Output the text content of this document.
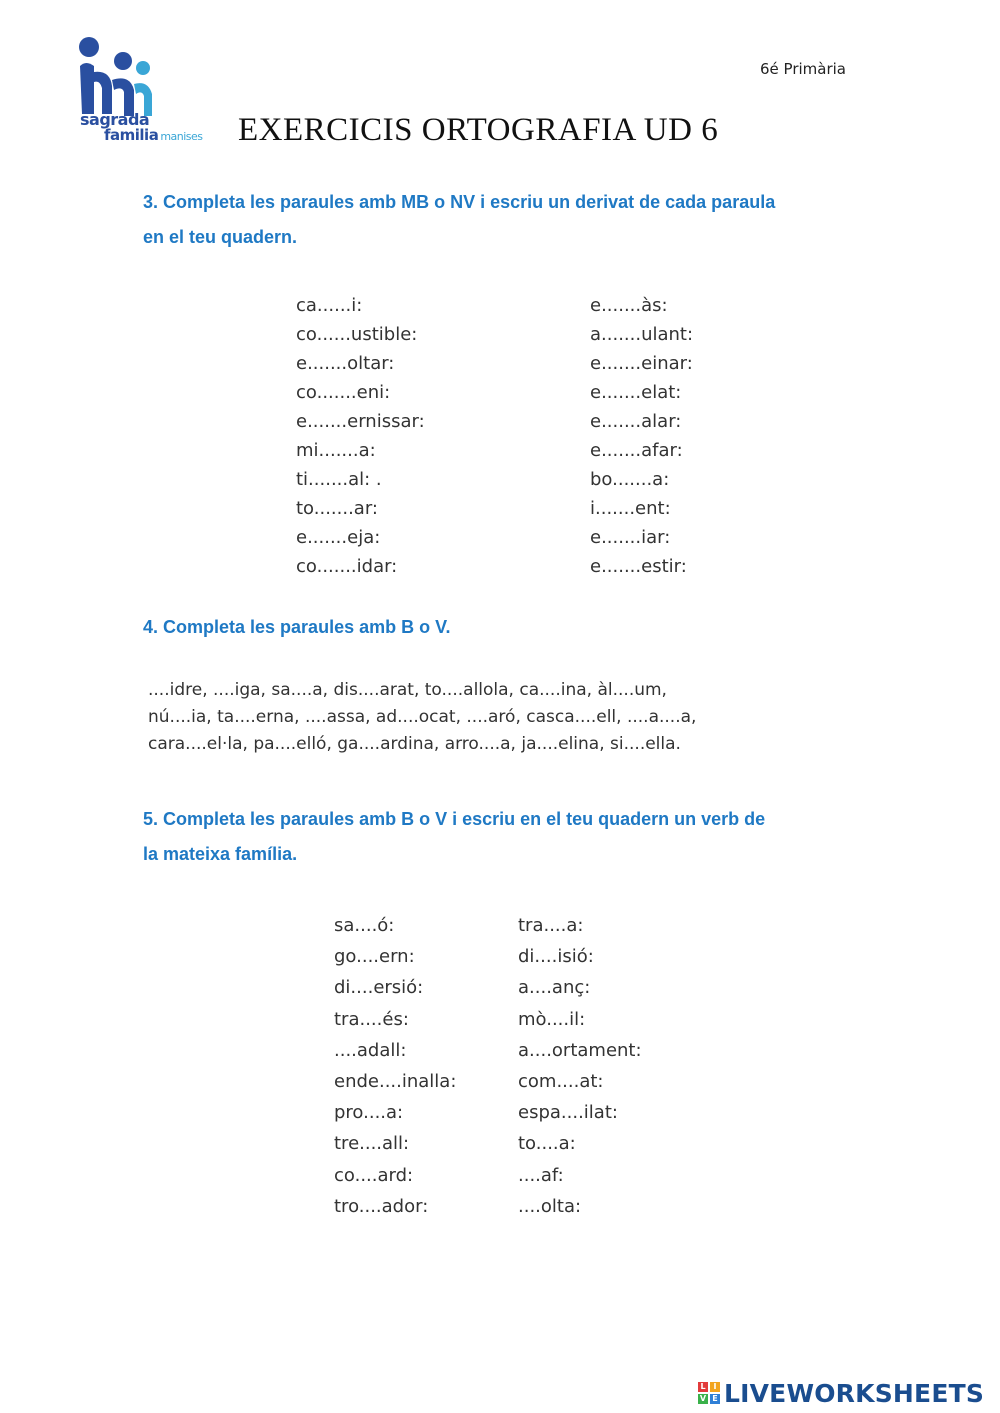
sagrada
familia manises
6é Primària
EXERCICIS ORTOGRAFIA UD 6
3. Completa les paraules amb MB o NV i escriu un derivat de cada paraula
en el teu quadern.
ca......i:
co......ustible:
e.......oltar:
co.......eni:
e.......ernissar:
mi.......a:
ti.......al: .
to.......ar:
e.......eja:
co.......idar:
e.......às:
a.......ulant:
e.......einar:
e.......elat:
e.......alar:
e.......afar:
bo.......a:
i.......ent:
e.......iar:
e.......estir:
4. Completa les paraules amb B o V.
....idre, ....iga, sa....a, dis....arat, to....allola, ca....ina, àl....um,
nú....ia, ta....erna, ....assa, ad....ocat, ....aró, casca....ell, ....a....a,
cara....el·la, pa....elló, ga....ardina, arro....a, ja....elina, si....ella.
5. Completa les paraules amb B o V i escriu en el teu quadern un verb de
la mateixa família.
sa....ó:
go....ern:
di....ersió:
tra....és:
....adall:
ende....inalla:
pro....a:
tre....all:
co....ard:
tro....ador:
tra....a:
di....isió:
a....anç:
mò....il:
a....ortament:
com....at:
espa....ilat:
to....a:
....af:
....olta:
L I
V E LIVEWORKSHEETS
